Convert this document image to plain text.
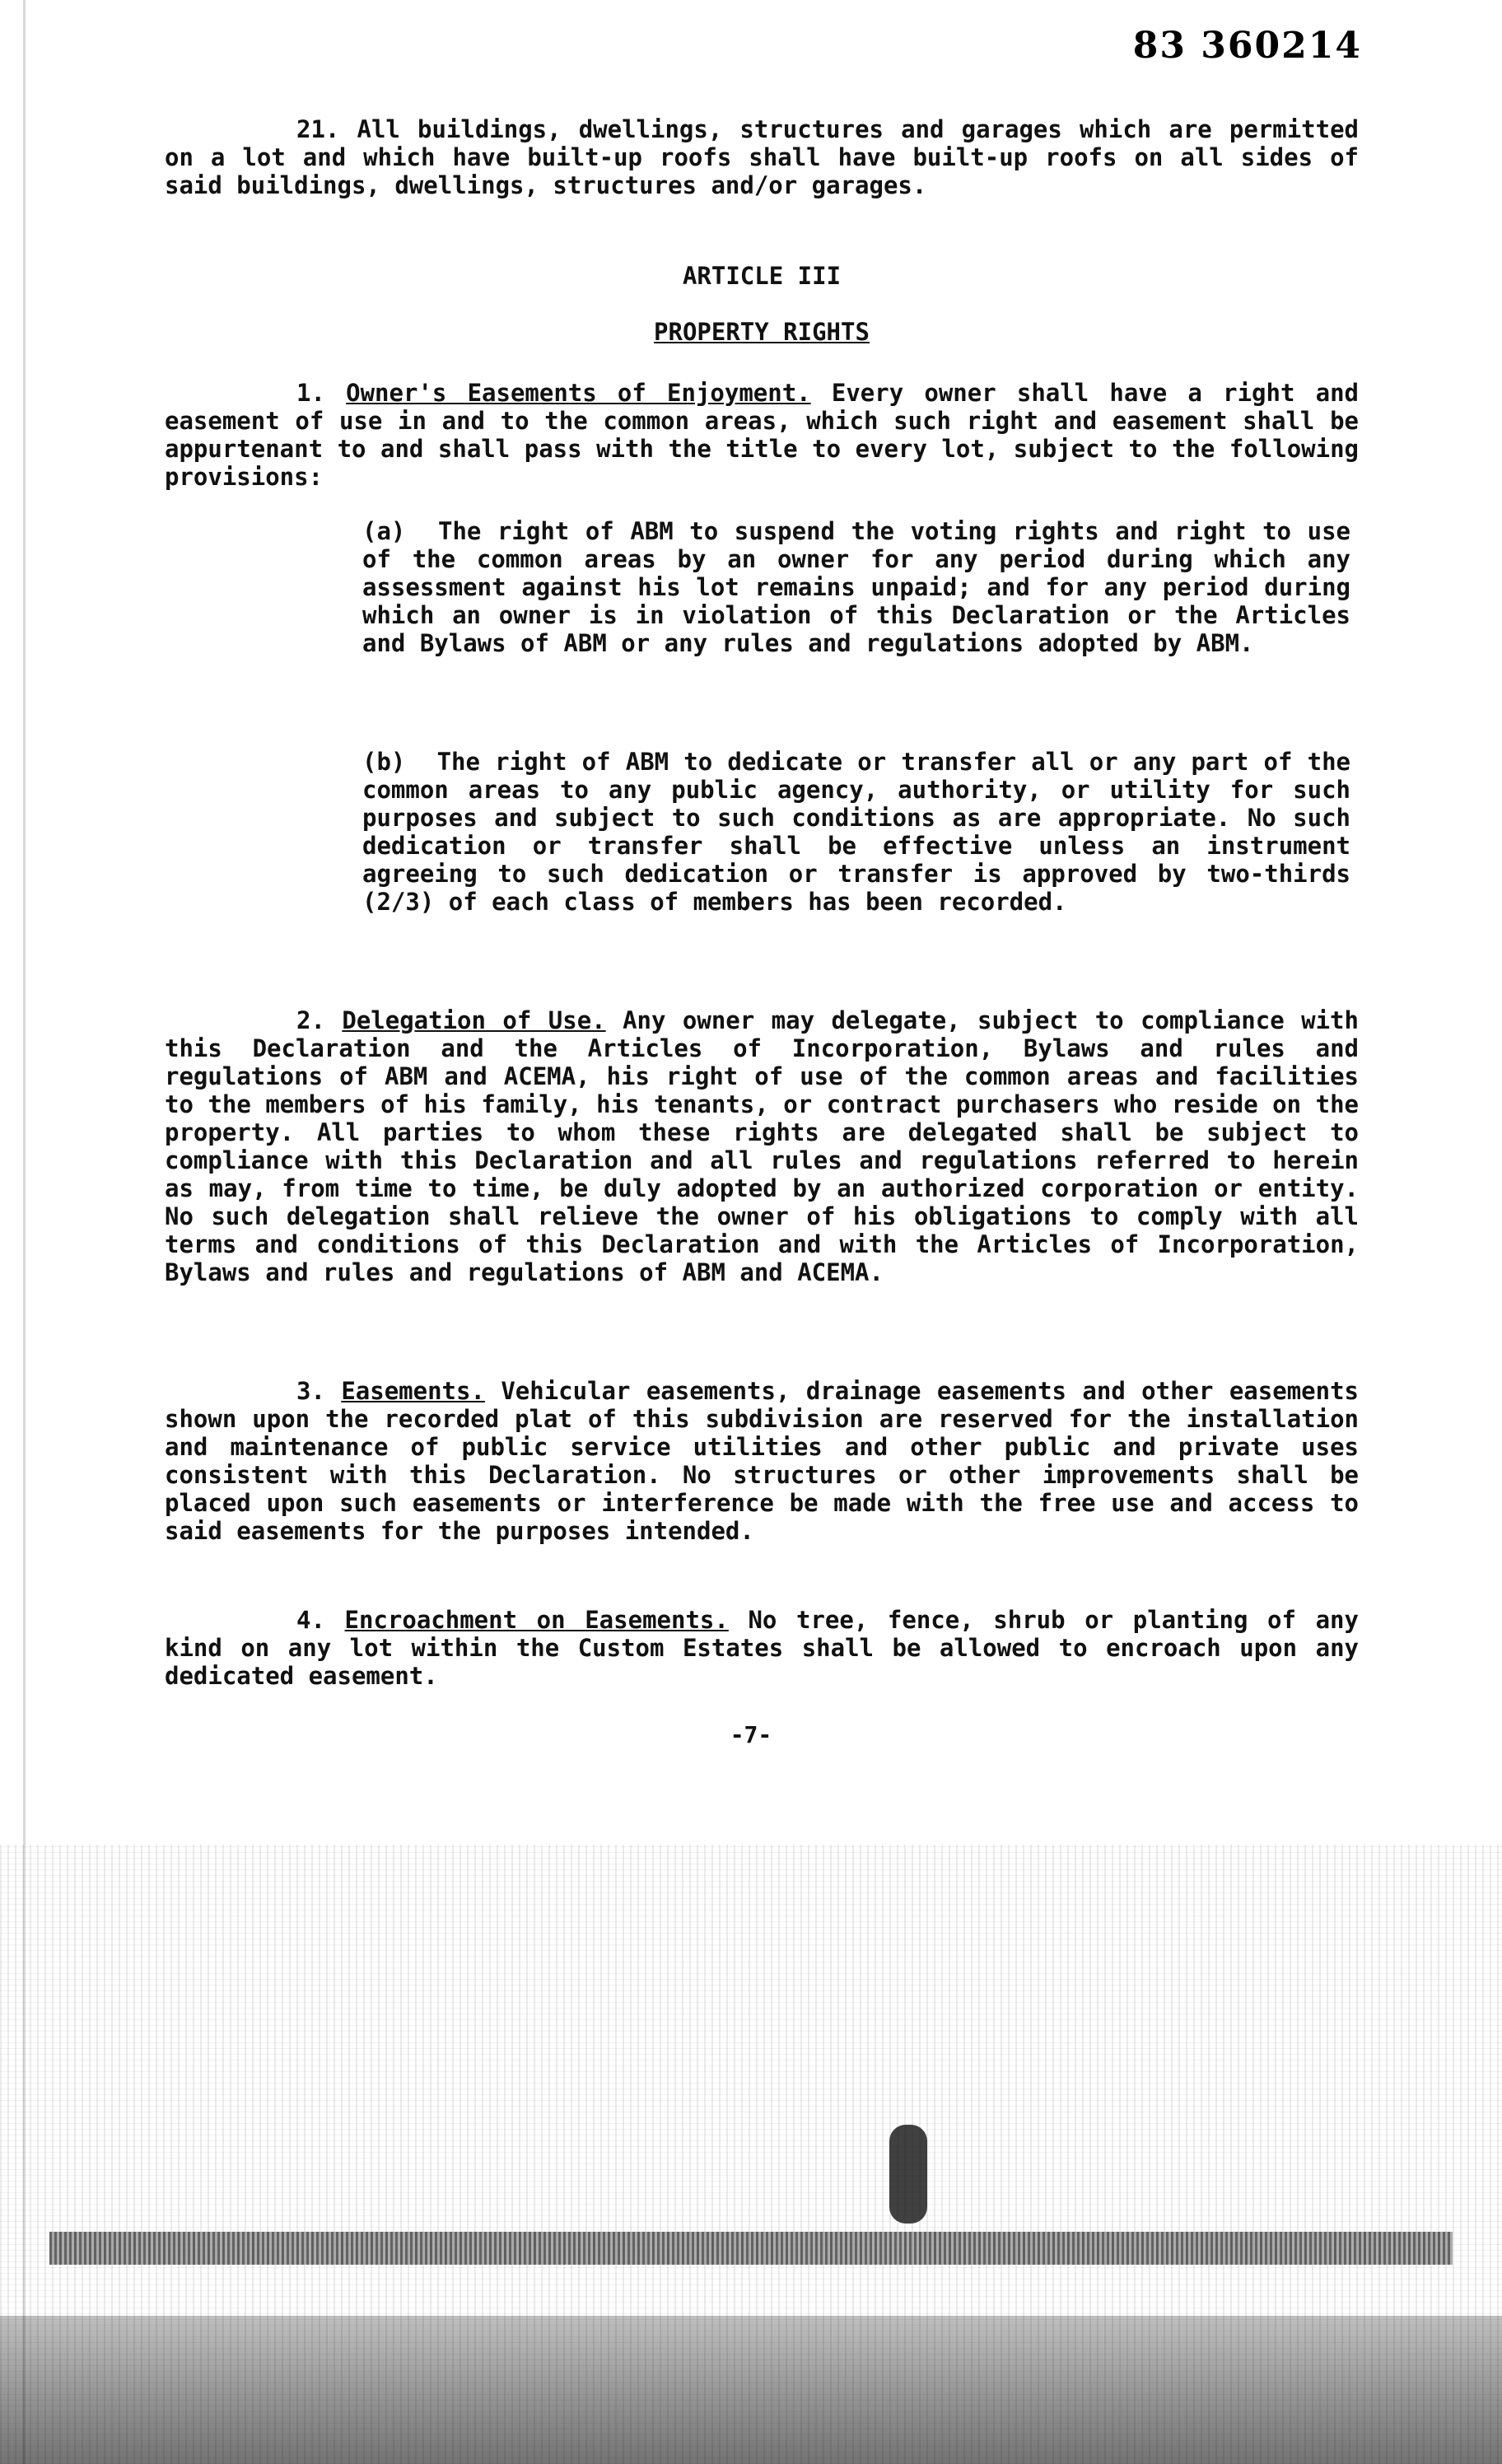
83 360214

21. All buildings, dwellings, structures and garages which are permitted on a lot and which have built-up roofs shall have built-up roofs on all sides of said buildings, dwellings, structures and/or garages.

ARTICLE III

PROPERTY RIGHTS

1. Owner's Easements of Enjoyment. Every owner shall have a right and easement of use in and to the common areas, which such right and easement shall be appurtenant to and shall pass with the title to every lot, subject to the following provisions:

(a) The right of ABM to suspend the voting rights and right to use of the common areas by an owner for any period during which any assessment against his lot remains unpaid; and for any period during which an owner is in violation of this Declaration or the Articles and Bylaws of ABM or any rules and regulations adopted by ABM.

(b) The right of ABM to dedicate or transfer all or any part of the common areas to any public agency, authority, or utility for such purposes and subject to such conditions as are appropriate. No such dedication or transfer shall be effective unless an instrument agreeing to such dedication or transfer is approved by two-thirds (2/3) of each class of members has been recorded.

2. Delegation of Use. Any owner may delegate, subject to compliance with this Declaration and the Articles of Incorporation, Bylaws and rules and regulations of ABM and ACEMA, his right of use of the common areas and facilities to the members of his family, his tenants, or contract purchasers who reside on the property. All parties to whom these rights are delegated shall be subject to compliance with this Declaration and all rules and regulations referred to herein as may, from time to time, be duly adopted by an authorized corporation or entity. No such delegation shall relieve the owner of his obligations to comply with all terms and conditions of this Declaration and with the Articles of Incorporation, Bylaws and rules and regulations of ABM and ACEMA.

3. Easements. Vehicular easements, drainage easements and other easements shown upon the recorded plat of this subdivision are reserved for the installation and maintenance of public service utilities and other public and private uses consistent with this Declaration. No structures or other improvements shall be placed upon such easements or interference be made with the free use and access to said easements for the purposes intended.

4. Encroachment on Easements. No tree, fence, shrub or planting of any kind on any lot within the Custom Estates shall be allowed to encroach upon any dedicated easement.

-7-
